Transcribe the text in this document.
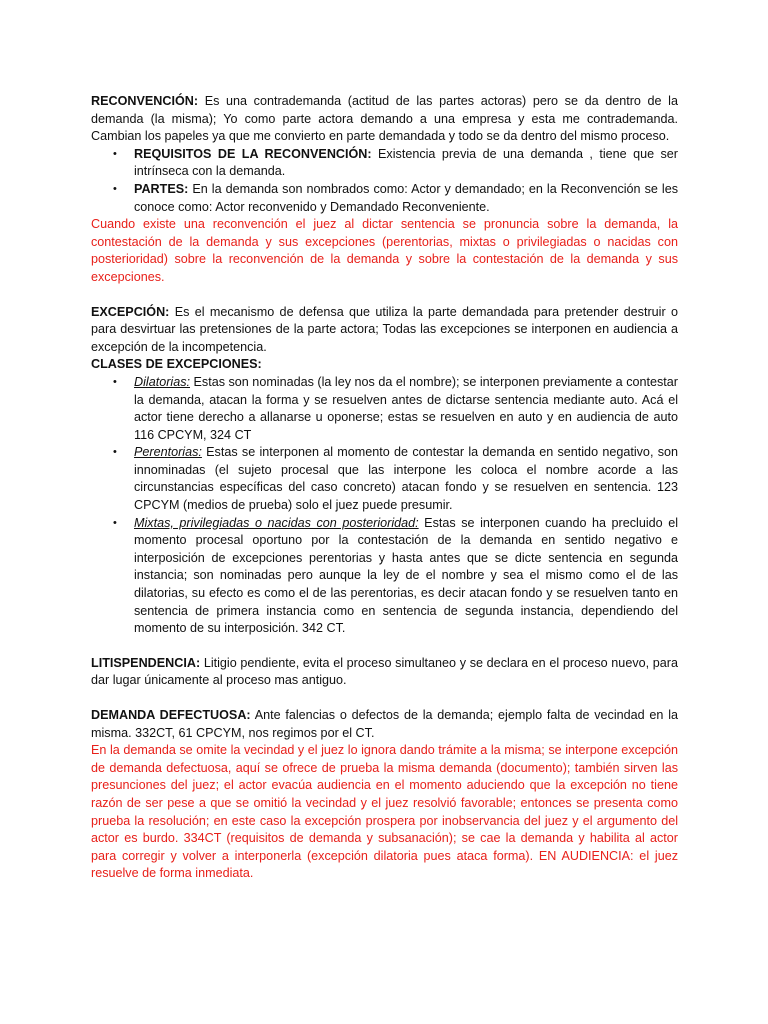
RECONVENCIÓN: Es una contrademanda (actitud de las partes actoras) pero se da dentro de la demanda (la misma); Yo como parte actora demando a una empresa y esta me contrademanda. Cambian los papeles ya que me convierto en parte demandada y todo se da dentro del mismo proceso.

• REQUISITOS DE LA RECONVENCIÓN: Existencia previa de una demanda , tiene que ser intrínseca con la demanda.
• PARTES: En la demanda son nombrados como: Actor y demandado; en la Reconvención se les conoce como: Actor reconvenido y Demandado Reconveniente.

Cuando existe una reconvención el juez al dictar sentencia se pronuncia sobre la demanda, la contestación de la demanda y sus excepciones (perentorias, mixtas o privilegiadas o nacidas con posterioridad) sobre la reconvención de la demanda y sobre la contestación de la demanda y sus excepciones.

EXCEPCIÓN: Es el mecanismo de defensa que utiliza la parte demandada para pretender destruir o para desvirtuar las pretensiones de la parte actora; Todas las excepciones se interponen en audiencia a excepción de la incompetencia.

CLASES DE EXCEPCIONES:

• Dilatorias: Estas son nominadas (la ley nos da el nombre); se interponen previamente a contestar la demanda, atacan la forma y se resuelven antes de dictarse sentencia mediante auto. Acá el actor tiene derecho a allanarse u oponerse; estas se resuelven en auto y en audiencia de auto 116 CPCYM, 324 CT
• Perentorias: Estas se interponen al momento de contestar la demanda en sentido negativo, son innominadas (el sujeto procesal que las interpone les coloca el nombre acorde a las circunstancias específicas del caso concreto) atacan fondo y se resuelven en sentencia. 123 CPCYM (medios de prueba) solo el juez puede presumir.
• Mixtas, privilegiadas o nacidas con posterioridad: Estas se interponen cuando ha precluido el momento procesal oportuno por la contestación de la demanda en sentido negativo e interposición de excepciones perentorias y hasta antes que se dicte sentencia en segunda instancia; son nominadas pero aunque la ley de el nombre y sea el mismo como el de las dilatorias, su efecto es como el de las perentorias, es decir atacan fondo y se resuelven tanto en sentencia de primera instancia como en sentencia de segunda instancia, dependiendo del momento de su interposición. 342 CT.

LITISPENDENCIA: Litigio pendiente, evita el proceso simultaneo y se declara en el proceso nuevo, para dar lugar únicamente al proceso mas antiguo.

DEMANDA DEFECTUOSA: Ante falencias o defectos de la demanda; ejemplo falta de vecindad en la misma. 332CT, 61 CPCYM, nos regimos por el CT.

En la demanda se omite la vecindad y el juez lo ignora dando trámite a la misma; se interpone excepción de demanda defectuosa, aquí se ofrece de prueba la misma demanda (documento); también sirven las presunciones del juez; el actor evacúa audiencia en el momento aduciendo que la excepción no tiene razón de ser pese a que se omitió la vecindad y el juez resolvió favorable; entonces se presenta como prueba la resolución; en este caso la excepción prospera por inobservancia del juez y el argumento del actor es burdo. 334CT (requisitos de demanda y subsanación); se cae la demanda y habilita al actor para corregir y volver a interponerla (excepción dilatoria pues ataca forma). EN AUDIENCIA: el juez resuelve de forma inmediata.
